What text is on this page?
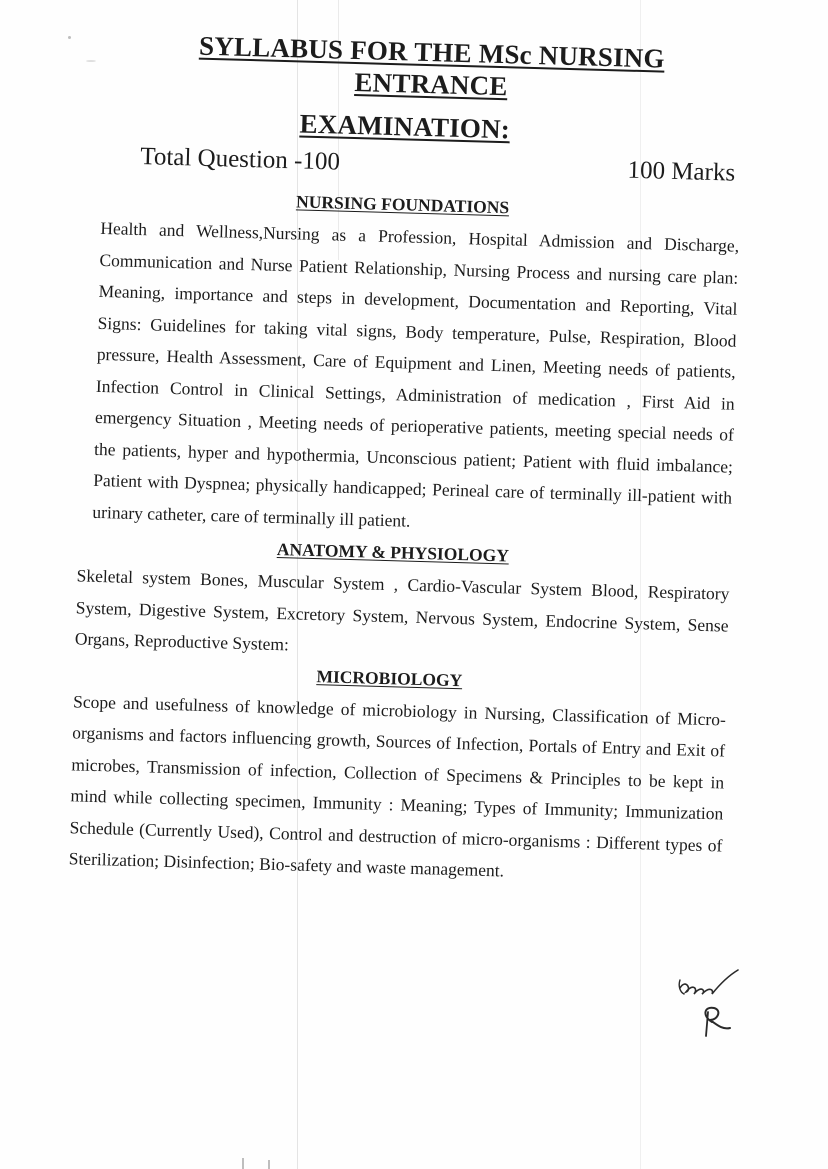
SYLLABUS FOR THE MSc NURSING ENTRANCE
EXAMINATION:
Total Question -100	100 Marks
NURSING FOUNDATIONS

Health and Wellness,Nursing as a Profession, Hospital Admission and Discharge, Communication and Nurse Patient Relationship, Nursing Process and nursing care plan: Meaning, importance and steps in development, Documentation and Reporting, Vital Signs: Guidelines for taking vital signs, Body temperature, Pulse, Respiration, Blood pressure, Health Assessment, Care of Equipment and Linen, Meeting needs of patients, Infection Control in Clinical Settings, Administration of medication , First Aid in emergency Situation , Meeting needs of perioperative patients, meeting special needs of the patients, hyper and hypothermia, Unconscious patient; Patient with fluid imbalance; Patient with Dyspnea; physically handicapped; Perineal care of terminally ill-patient with urinary catheter, care of terminally ill patient.

ANATOMY & PHYSIOLOGY

Skeletal system Bones, Muscular System , Cardio-Vascular System Blood, Respiratory System, Digestive System, Excretory System, Nervous System, Endocrine System, Sense Organs, Reproductive System:

MICROBIOLOGY

Scope and usefulness of knowledge of microbiology in Nursing, Classification of Micro-organisms and factors influencing growth, Sources of Infection, Portals of Entry and Exit of microbes, Transmission of infection, Collection of Specimens & Principles to be kept in mind while collecting specimen, Immunity : Meaning; Types of Immunity; Immunization Schedule (Currently Used), Control and destruction of micro-organisms : Different types of Sterilization; Disinfection; Bio-safety and waste management.
